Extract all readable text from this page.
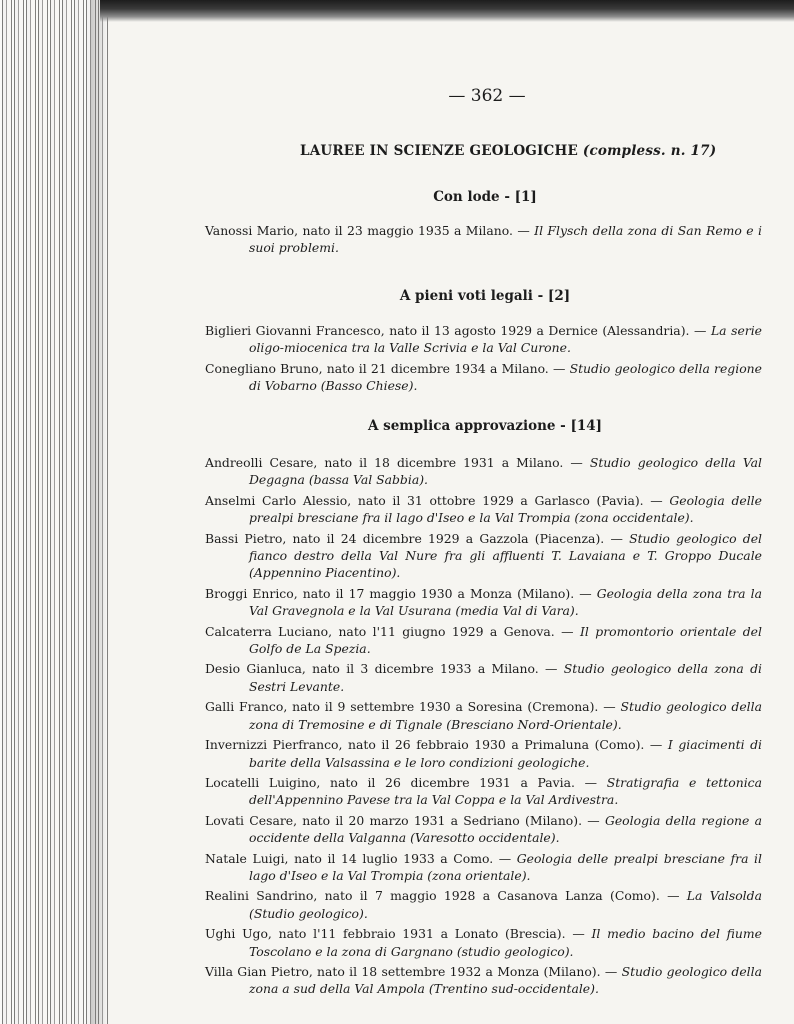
— 362 —
LAUREE IN SCIENZE GEOLOGICHE (compless. n. 17)
Con lode - [1]

Vanossi Mario, nato il 23 maggio 1935 a Milano. — Il Flysch della zona di San Remo e i suoi problemi.

A pieni voti legali - [2]

Biglieri Giovanni Francesco, nato il 13 agosto 1929 a Dernice (Alessandria). — La serie oligo-miocenica tra la Valle Scrivia e la Val Curone.

Conegliano Bruno, nato il 21 dicembre 1934 a Milano. — Studio geologico della regione di Vobarno (Basso Chiese).

A semplica approvazione - [14]

Andreolli Cesare, nato il 18 dicembre 1931 a Milano. — Studio geologico della Val Degagna (bassa Val Sabbia).

Anselmi Carlo Alessio, nato il 31 ottobre 1929 a Garlasco (Pavia). — Geologia delle prealpi bresciane fra il lago d'Iseo e la Val Trompia (zona occidentale).

Bassi Pietro, nato il 24 dicembre 1929 a Gazzola (Piacenza). — Studio geologico del fianco destro della Val Nure fra gli affluenti T. Lavaiana e T. Groppo Ducale (Appennino Piacentino).

Broggi Enrico, nato il 17 maggio 1930 a Monza (Milano). — Geologia della zona tra la Val Gravegnola e la Val Usurana (media Val di Vara).

Calcaterra Luciano, nato l'11 giugno 1929 a Genova. — Il promontorio orientale del Golfo de La Spezia.

Desio Gianluca, nato il 3 dicembre 1933 a Milano. — Studio geologico della zona di Sestri Levante.

Galli Franco, nato il 9 settembre 1930 a Soresina (Cremona). — Studio geologico della zona di Tremosine e di Tignale (Bresciano Nord-Orientale).

Invernizzi Pierfranco, nato il 26 febbraio 1930 a Primaluna (Como). — I giacimenti di barite della Valsassina e le loro condizioni geologiche.

Locatelli Luigino, nato il 26 dicembre 1931 a Pavia. — Stratigrafia e tettonica dell'Appennino Pavese tra la Val Coppa e la Val Ardivestra.

Lovati Cesare, nato il 20 marzo 1931 a Sedriano (Milano). — Geologia della regione a occidente della Valganna (Varesotto occidentale).

Natale Luigi, nato il 14 luglio 1933 a Como. — Geologia delle prealpi bresciane fra il lago d'Iseo e la Val Trompia (zona orientale).

Realini Sandrino, nato il 7 maggio 1928 a Casanova Lanza (Como). — La Valsolda (Studio geologico).

Ughi Ugo, nato l'11 febbraio 1931 a Lonato (Brescia). — Il medio bacino del fiume Toscolano e la zona di Gargnano (studio geologico).

Villa Gian Pietro, nato il 18 settembre 1932 a Monza (Milano). — Studio geologico della zona a sud della Val Ampola (Trentino sud-occidentale).
